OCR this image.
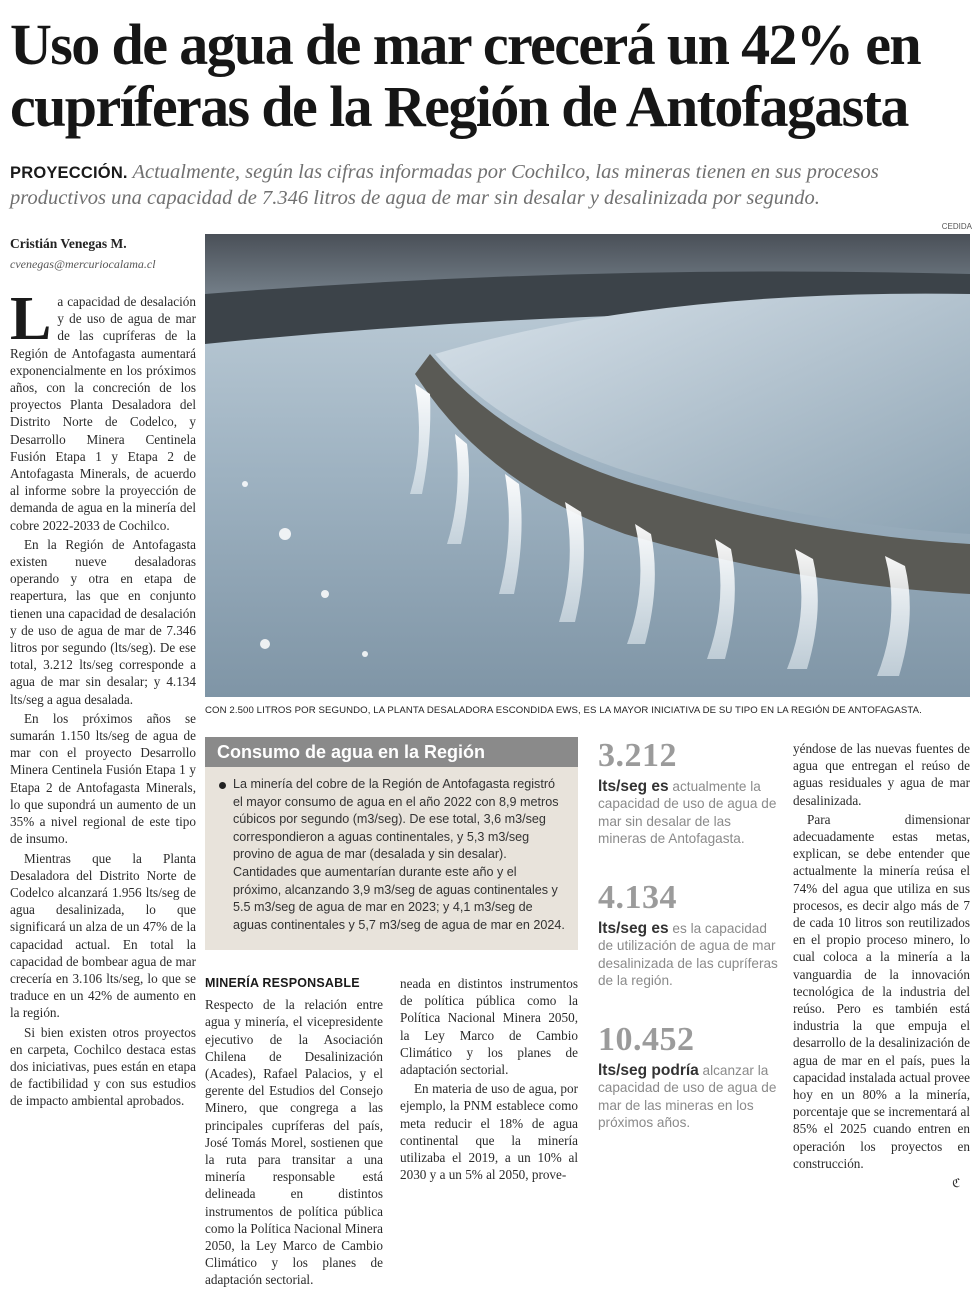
Uso de agua de mar crecerá un 42% en
cupríferas de la Región de Antofagasta
PROYECCIÓN. Actualmente, según las cifras informadas por Cochilco, las mineras tienen en sus procesos productivos una capacidad de 7.346 litros de agua de mar sin desalar y desalinizada por segundo.
CEDIDA
Cristián Venegas M.
cvenegas@mercuriocalama.cl

La capacidad de desalación y de uso de agua de mar de las cupríferas de la Región de Antofagasta aumentará exponencialmente en los próximos años, con la concreción de los proyectos Planta Desaladora del Distrito Norte de Codelco, y Desarrollo Minera Centinela Fusión Etapa 1 y Etapa 2 de Antofagasta Minerals, de acuerdo al informe sobre la proyección de demanda de agua en la minería del cobre 2022-2033 de Cochilco.

En la Región de Antofagasta existen nueve desaladoras operando y otra en etapa de reapertura, las que en conjunto tienen una capacidad de desalación y de uso de agua de mar de 7.346 litros por segundo (lts/seg). De ese total, 3.212 lts/seg corresponde a agua de mar sin desalar; y 4.134 lts/seg a agua desalada.

En los próximos años se sumarán 1.150 lts/seg de agua de mar con el proyecto Desarrollo Minera Centinela Fusión Etapa 1 y Etapa 2 de Antofagasta Minerals, lo que supondrá un aumento de un 35% a nivel regional de este tipo de insumo.

Mientras que la Planta Desaladora del Distrito Norte de Codelco alcanzará 1.956 lts/seg de agua desalinizada, lo que significará un alza de un 47% de la capacidad actual. En total la capacidad de bombear agua de mar crecería en 3.106 lts/seg, lo que se traduce en un 42% de aumento en la región.

Si bien existen otros proyectos en carpeta, Cochilco destaca estas dos iniciativas, pues están en etapa de factibilidad y con sus estudios de impacto ambiental aprobados.

CON 2.500 LITROS POR SEGUNDO, LA PLANTA DESALADORA ESCONDIDA EWS, ES LA MAYOR INICIATIVA DE SU TIPO EN LA REGIÓN DE ANTOFAGASTA.
Consumo de agua en la Región
La minería del cobre de la Región de Antofagasta registró el mayor consumo de agua en el año 2022 con 8,9 metros cúbicos por segundo (m3/seg). De ese total, 3,6 m3/seg correspondieron a aguas continentales, y 5,3 m3/seg provino de agua de mar (desalada y sin desalar). Cantidades que aumentarían durante este año y el próximo, alcanzando 3,9 m3/seg de aguas continentales y 5.5 m3/seg de agua de mar en 2023; y 4,1 m3/seg de aguas continentales y 5,7 m3/seg de agua de mar en 2024.
MINERÍA RESPONSABLE

Respecto de la relación entre agua y minería, el vicepresidente ejecutivo de la Asociación Chilena de Desalinización (Acades), Rafael Palacios, y el gerente del Estudios del Consejo Minero, que congrega a las principales cupríferas del país, José Tomás Morel, sostienen que la ruta para transitar a una minería responsable está delineada en distintos instrumentos de política pública como la Política Nacional Minera 2050, la Ley Marco de Cambio Climático y los planes de adaptación sectorial.

neada en distintos instrumentos de política pública como la Política Nacional Minera 2050, la Ley Marco de Cambio Climático y los planes de adaptación sectorial.

En materia de uso de agua, por ejemplo, la PNM establece como meta reducir el 18% de agua continental que la minería utilizaba el 2019, a un 10% al 2030 y a un 5% al 2050, prove-

3.212
lts/seg es actualmente la capacidad de uso de agua de mar sin desalar de las mineras de Antofagasta.
4.134
lts/seg es es la capacidad de utilización de agua de mar desalinizada de las cupríferas de la región.
10.452
lts/seg podría alcanzar la capacidad de uso de agua de mar de las mineras en los próximos años.

yéndose de las nuevas fuentes de agua que entregan el reúso de aguas residuales y agua de mar desalinizada.

Para dimensionar adecuadamente estas metas, explican, se debe entender que actualmente la minería reúsa el 74% del agua que utiliza en sus procesos, es decir algo más de 7 de cada 10 litros son reutilizados en el propio proceso minero, lo cual coloca a la minería a la vanguardia de la innovación tecnológica de la industria del reúso. Pero es también está industria la que empuja el desarrollo de la desalinización de agua de mar en el país, pues la capacidad instalada actual provee hoy en un 80% a la minería, porcentaje que se incrementará al 85% el 2025 cuando entren en operación los proyectos en construcción.

ℭ
